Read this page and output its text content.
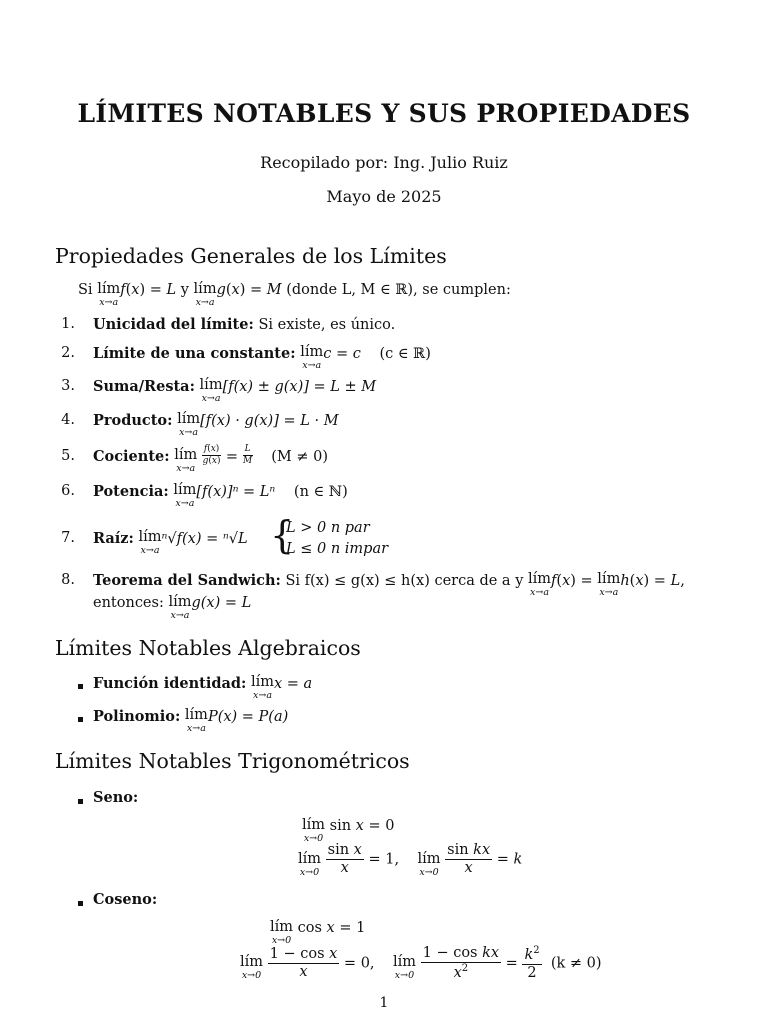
LÍMITES NOTABLES Y SUS PROPIEDADES
Recopilado por: Ing. Julio Ruiz
Mayo de 2025
Propiedades Generales de los Límites
Si lím
x→a
f(x) = L y lím
x→a
g(x) = M (donde L, M ∈ ℝ), se cumplen:
1. Unicidad del límite: Si existe, es único.
2. Límite de una constante: lím
x→a
c = c (c ∈ ℝ)
3. Suma/Resta: lím
x→a
[f(x) ± g(x)] = L ± M
4. Producto: lím
x→a
[f(x) · g(x)] = L · M
5. Cociente: lím
x→a

$\frac{f(x)}{g(x)} = \frac{L}{M} (M \ne 0)$
6. Potencia: lím
x→a
[f(x)]ⁿ = Lⁿ (n ∈ ℕ)
7. Raíz: lím
x→a
ⁿ√f(x) = ⁿ√L {
L > 0 n par
L ≤ 0 n impar
8. Teorema del Sandwich: Si f(x) ≤ g(x) ≤ h(x) cerca de a y lím
x→a
f(x) = lím
x→a
h(x) = L,
entonces: lím
x→a
g(x) = L
Límites Notables Algebraicos
Función identidad: lím
x→a
x = a
Polinomio: lím
x→a
P(x) = P(a)
Límites Notables Trigonométricos
Seno:
lím
x→0
sin x = 0
lím
x→0
$\frac{\text{sin x}}{x} = 1$, lím
x→0
$\frac{\text{sin kx}}{x} = k$
Coseno:
lím
x→0
cos x = 1
lím
x→0
$\frac{\text{1 − cos x}}{x} = 0$, lím
x→0
$\frac{\text{1 − cos kx}}{x^2} = \frac{k^2}{2} (k \ne 0)$
1
